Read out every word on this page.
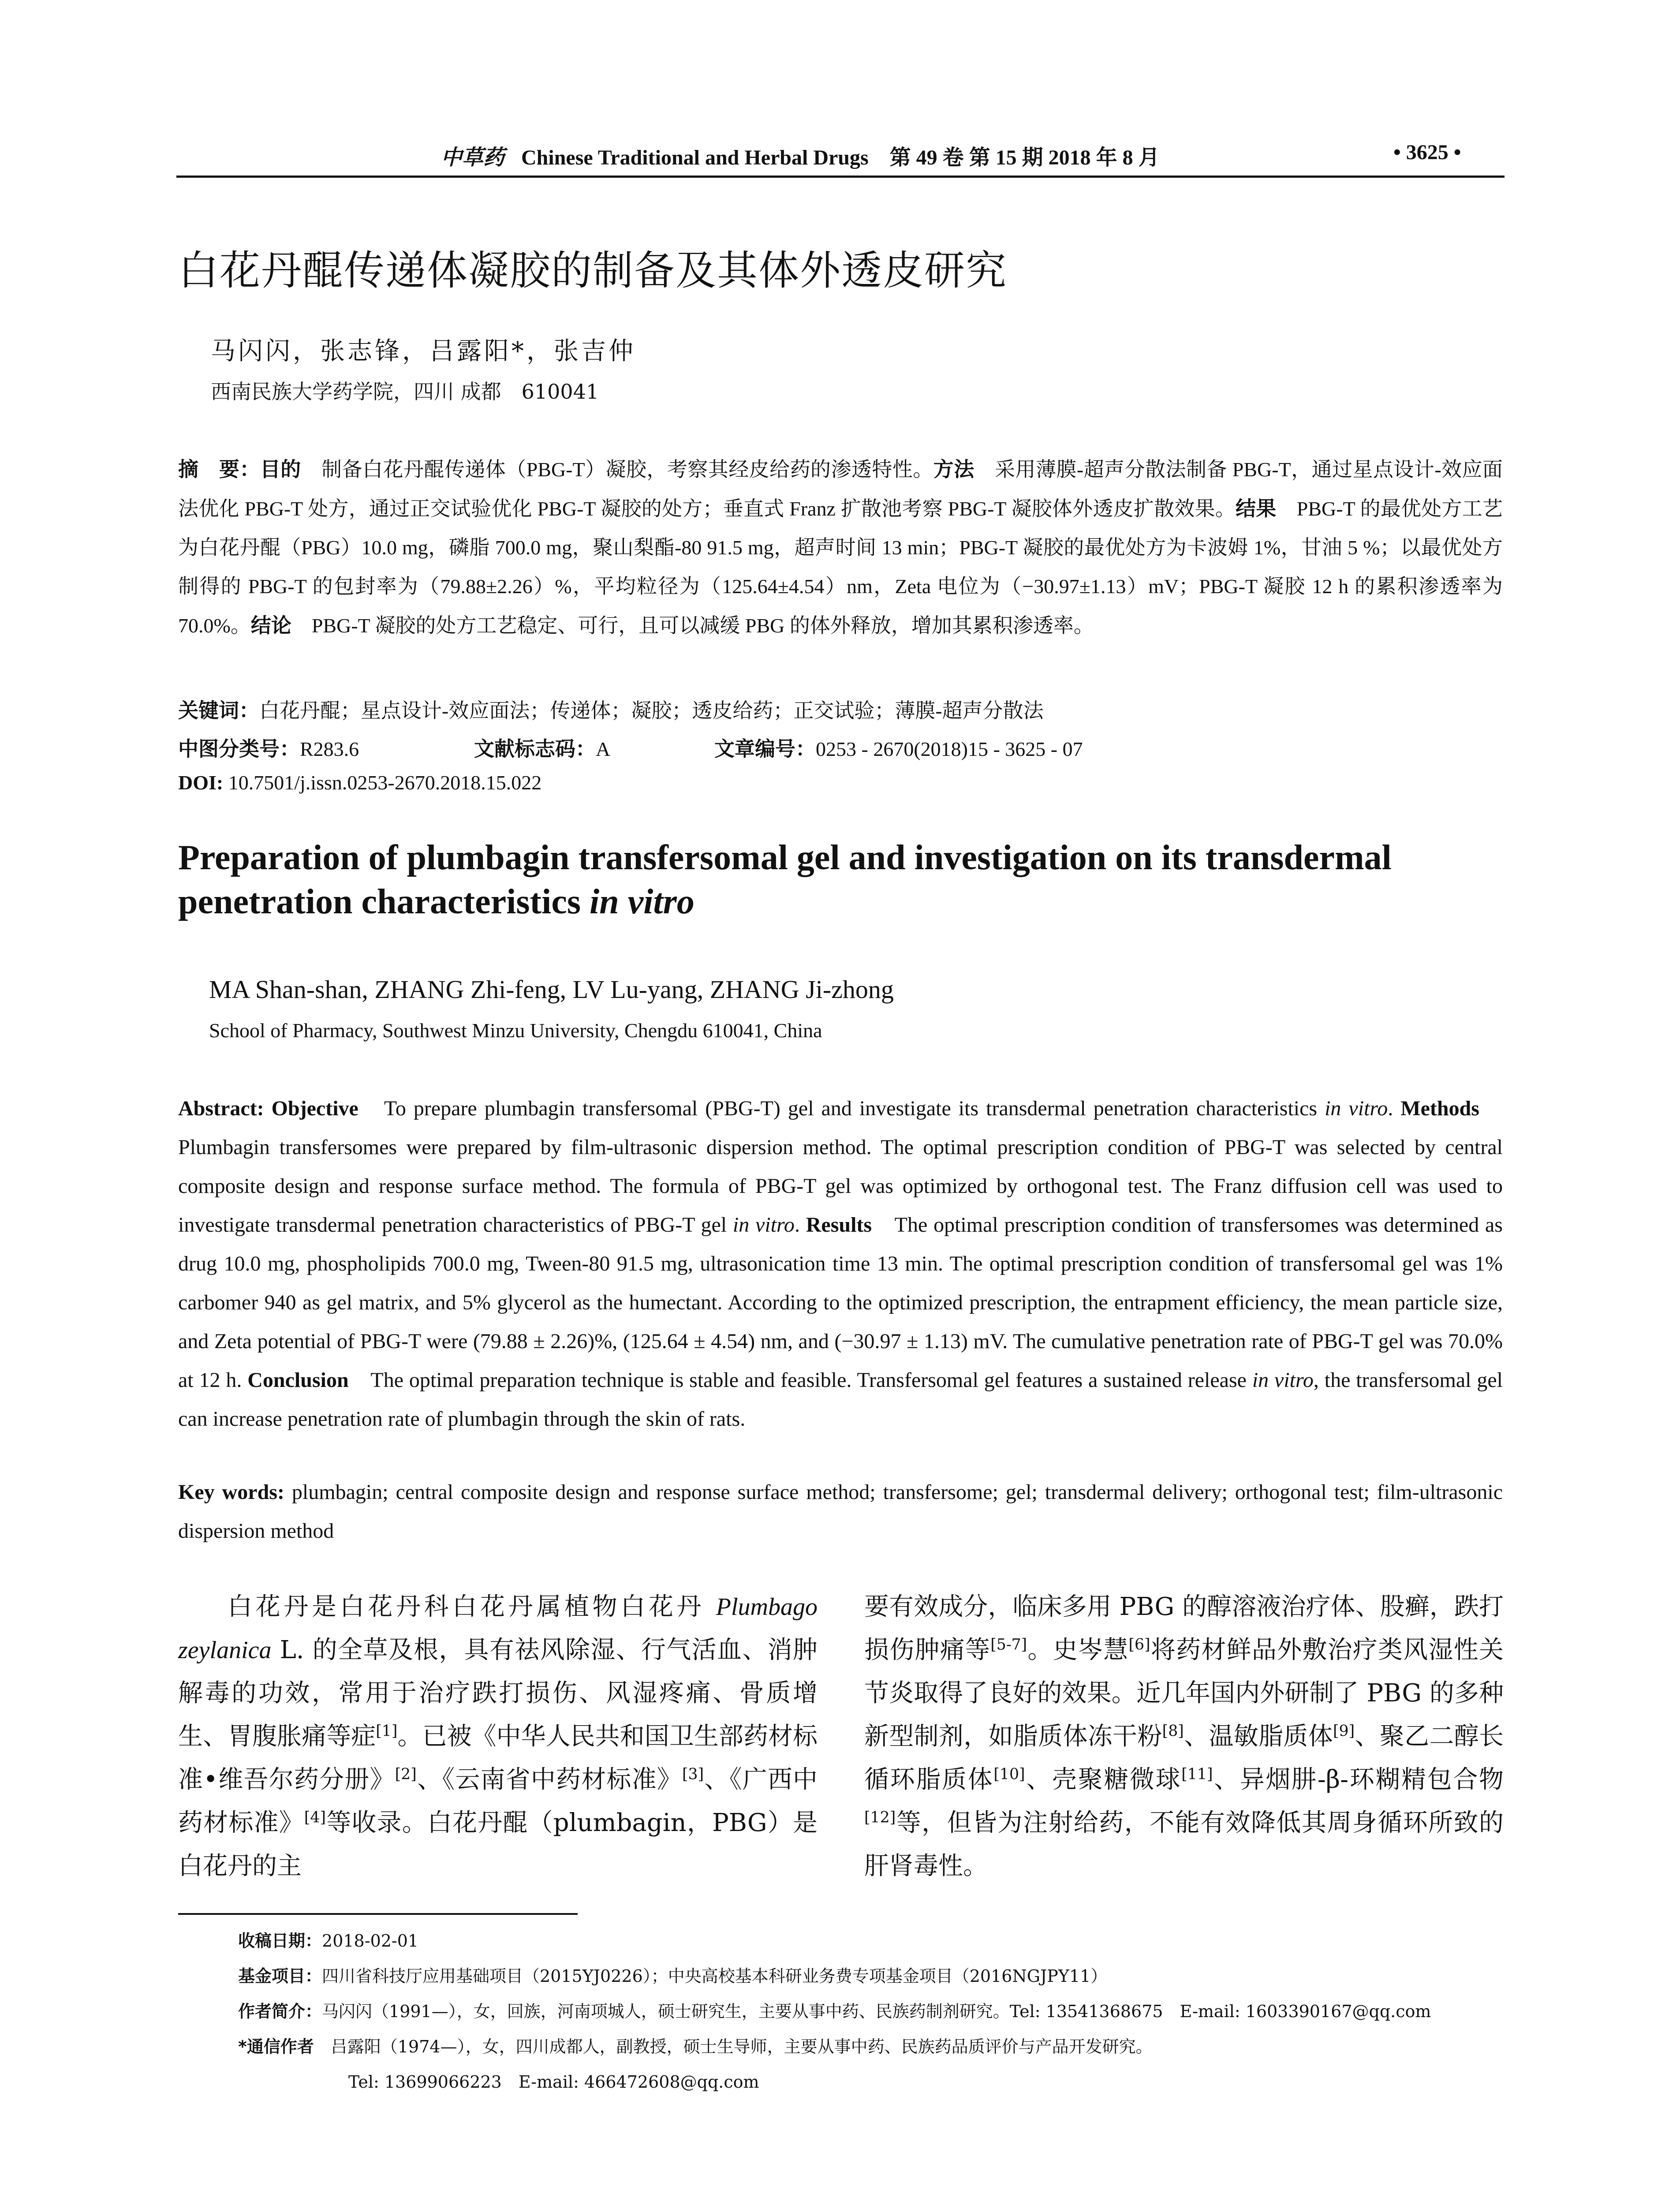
中草药 Chinese Traditional and Herbal Drugs　第 49 卷 第 15 期 2018 年 8 月	• 3625 •
白花丹醌传递体凝胶的制备及其体外透皮研究
马闪闪，张志锋，吕露阳*，张吉仲
西南民族大学药学院，四川 成都　610041
摘　要：目的　制备白花丹醌传递体（PBG-T）凝胶，考察其经皮给药的渗透特性。方法　采用薄膜-超声分散法制备 PBG-T，通过星点设计-效应面法优化 PBG-T 处方，通过正交试验优化 PBG-T 凝胶的处方；垂直式 Franz 扩散池考察 PBG-T 凝胶体外透皮扩散效果。结果　PBG-T 的最优处方工艺为白花丹醌（PBG）10.0 mg，磷脂 700.0 mg，聚山梨酯-80 91.5 mg，超声时间 13 min；PBG-T 凝胶的最优处方为卡波姆 1%，甘油 5 %；以最优处方制得的 PBG-T 的包封率为（79.88±2.26）%，平均粒径为（125.64±4.54）nm，Zeta 电位为（−30.97±1.13）mV；PBG-T 凝胶 12 h 的累积渗透率为 70.0%。结论　PBG-T 凝胶的处方工艺稳定、可行，且可以减缓 PBG 的体外释放，增加其累积渗透率。
关键词：白花丹醌；星点设计-效应面法；传递体；凝胶；透皮给药；正交试验；薄膜-超声分散法
中图分类号：R283.6	文献标志码：A	文章编号：0253 - 2670(2018)15 - 3625 - 07
DOI: 10.7501/j.issn.0253-2670.2018.15.022
Preparation of plumbagin transfersomal gel and investigation on its transdermal penetration characteristics in vitro
MA Shan-shan, ZHANG Zhi-feng, LV Lu-yang, ZHANG Ji-zhong
School of Pharmacy, Southwest Minzu University, Chengdu 610041, China
Abstract: Objective　To prepare plumbagin transfersomal (PBG-T) gel and investigate its transdermal penetration characteristics in vitro. Methods　Plumbagin transfersomes were prepared by film-ultrasonic dispersion method. The optimal prescription condition of PBG-T was selected by central composite design and response surface method. The formula of PBG-T gel was optimized by orthogonal test. The Franz diffusion cell was used to investigate transdermal penetration characteristics of PBG-T gel in vitro. Results　The optimal prescription condition of transfersomes was determined as drug 10.0 mg, phospholipids 700.0 mg, Tween-80 91.5 mg, ultrasonication time 13 min. The optimal prescription condition of transfersomal gel was 1% carbomer 940 as gel matrix, and 5% glycerol as the humectant. According to the optimized prescription, the entrapment efficiency, the mean particle size, and Zeta potential of PBG-T were (79.88 ± 2.26)%, (125.64 ± 4.54) nm, and (−30.97 ± 1.13) mV. The cumulative penetration rate of PBG-T gel was 70.0% at 12 h. Conclusion　The optimal preparation technique is stable and feasible. Transfersomal gel features a sustained release in vitro, the transfersomal gel can increase penetration rate of plumbagin through the skin of rats.
Key words: plumbagin; central composite design and response surface method; transfersome; gel; transdermal delivery; orthogonal test; film-ultrasonic dispersion method
白花丹是白花丹科白花丹属植物白花丹 Plumbago zeylanica L. 的全草及根，具有祛风除湿、行气活血、消肿解毒的功效，常用于治疗跌打损伤、风湿疼痛、骨质增生、胃腹胀痛等症[1]。已被《中华人民共和国卫生部药材标准•维吾尔药分册》[2]、《云南省中药材标准》[3]、《广西中药材标准》[4]等收录。白花丹醌（plumbagin，PBG）是白花丹的主
要有效成分，临床多用 PBG 的醇溶液治疗体、股癣，跌打损伤肿痛等[5-7]。史岑慧[6]将药材鲜品外敷治疗类风湿性关节炎取得了良好的效果。近几年国内外研制了 PBG 的多种新型制剂，如脂质体冻干粉[8]、温敏脂质体[9]、聚乙二醇长循环脂质体[10]、壳聚糖微球[11]、异烟肼-β-环糊精包合物[12]等，但皆为注射给药，不能有效降低其周身循环所致的肝肾毒性。
收稿日期：2018-02-01
基金项目：四川省科技厅应用基础项目（2015YJ0226）；中央高校基本科研业务费专项基金项目（2016NGJPY11）
作者简介：马闪闪（1991—），女，回族，河南项城人，硕士研究生，主要从事中药、民族药制剂研究。Tel: 13541368675　E-mail: 1603390167@qq.com
*通信作者　吕露阳（1974—），女，四川成都人，副教授，硕士生导师，主要从事中药、民族药品质评价与产品开发研究。
Tel: 13699066223　E-mail: 466472608@qq.com
